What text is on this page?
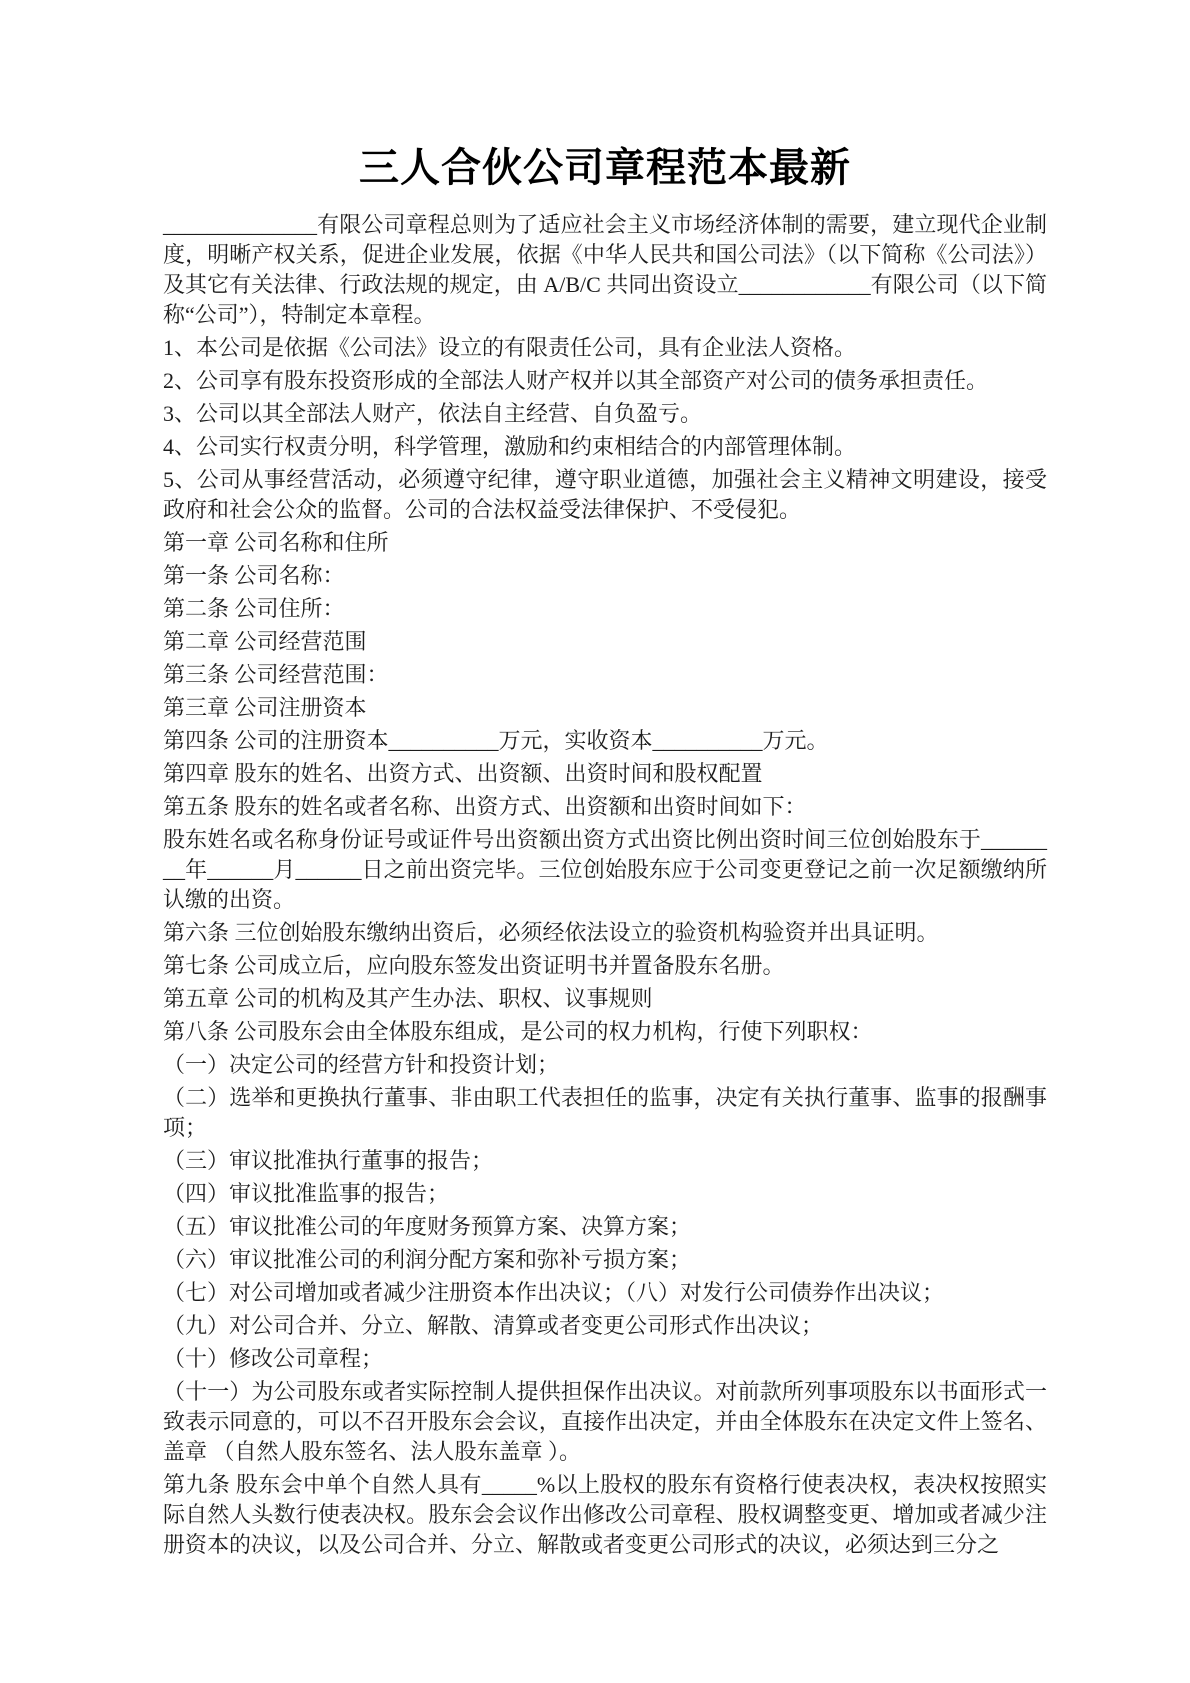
三人合伙公司章程范本最新

______________有限公司章程总则为了适应社会主义市场经济体制的需要，建立现代企业制度，明晰产权关系，促进企业发展，依据《中华人民共和国公司法》（以下简称《公司法》）及其它有关法律、行政法规的规定，由 A/B/C 共同出资设立____________有限公司（以下简称“公司”），特制定本章程。

1、本公司是依据《公司法》设立的有限责任公司，具有企业法人资格。

2、公司享有股东投资形成的全部法人财产权并以其全部资产对公司的债务承担责任。

3、公司以其全部法人财产，依法自主经营、自负盈亏。

4、公司实行权责分明，科学管理，激励和约束相结合的内部管理体制。

5、公司从事经营活动，必须遵守纪律，遵守职业道德，加强社会主义精神文明建设，接受政府和社会公众的监督。公司的合法权益受法律保护、不受侵犯。

第一章 公司名称和住所

第一条 公司名称：

第二条 公司住所：

第二章 公司经营范围

第三条 公司经营范围：

第三章 公司注册资本

第四条 公司的注册资本__________万元，实收资本__________万元。

第四章 股东的姓名、出资方式、出资额、出资时间和股权配置

第五条 股东的姓名或者名称、出资方式、出资额和出资时间如下：

股东姓名或名称身份证号或证件号出资额出资方式出资比例出资时间三位创始股东于________年______月______日之前出资完毕。三位创始股东应于公司变更登记之前一次足额缴纳所认缴的出资。

第六条 三位创始股东缴纳出资后，必须经依法设立的验资机构验资并出具证明。

第七条 公司成立后，应向股东签发出资证明书并置备股东名册。

第五章 公司的机构及其产生办法、职权、议事规则

第八条 公司股东会由全体股东组成，是公司的权力机构，行使下列职权：

（一）决定公司的经营方针和投资计划；

（二）选举和更换执行董事、非由职工代表担任的监事，决定有关执行董事、监事的报酬事项；

（三）审议批准执行董事的报告；

（四）审议批准监事的报告；

（五）审议批准公司的年度财务预算方案、决算方案；

（六）审议批准公司的利润分配方案和弥补亏损方案；

（七）对公司增加或者减少注册资本作出决议；（八）对发行公司债券作出决议；

（九）对公司合并、分立、解散、清算或者变更公司形式作出决议；

（十）修改公司章程；

（十一）为公司股东或者实际控制人提供担保作出决议。对前款所列事项股东以书面形式一致表示同意的，可以不召开股东会会议，直接作出决定，并由全体股东在决定文件上签名、盖章 （自然人股东签名、法人股东盖章 ）。

第九条 股东会中单个自然人具有_____%以上股权的股东有资格行使表决权，表决权按照实际自然人头数行使表决权。股东会会议作出修改公司章程、股权调整变更、增加或者减少注册资本的决议，以及公司合并、分立、解散或者变更公司形式的决议，必须达到三分之
